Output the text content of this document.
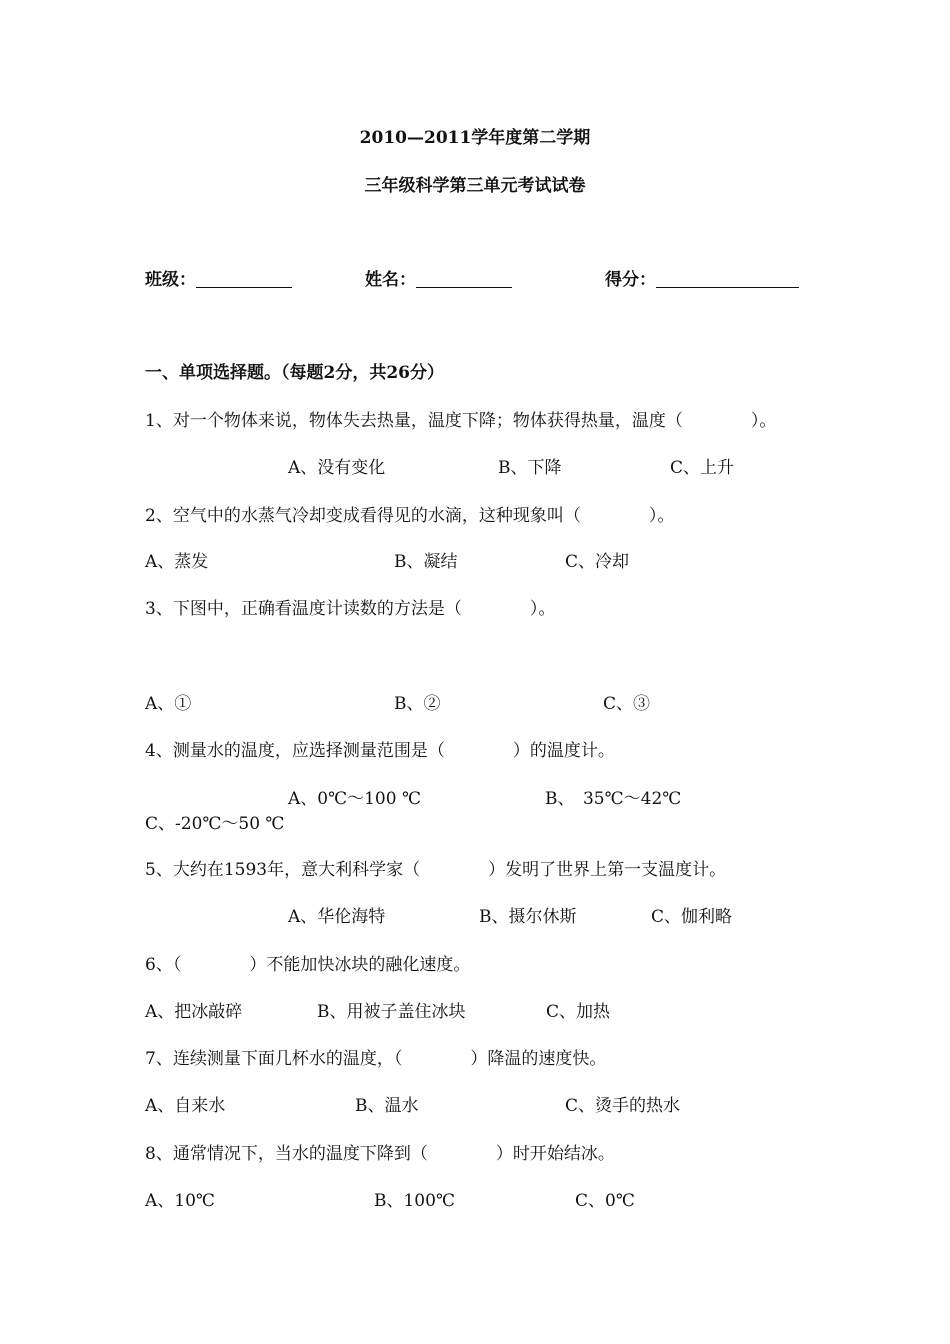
2010—2011学年度第二学期
三年级科学第三单元考试试卷
班级：	姓名：	得分：
一、单项选择题。（每题2分，共26分）
1、对一个物体来说，物体失去热量，温度下降；物体获得热量，温度（　　　　）。
A、没有变化	B、下降	C、上升
2、空气中的水蒸气冷却变成看得见的水滴，这种现象叫（　　　　）。
A、蒸发	B、凝结	C、冷却
3、下图中，正确看温度计读数的方法是（　　　　）。
A、①	B、②	C、③
4、测量水的温度，应选择测量范围是（　　　　）的温度计。
A、0℃～100 ℃	B、　35℃～42℃
C、-20℃～50 ℃
5、大约在1593年，意大利科学家（　　　　）发明了世界上第一支温度计。
A、华伦海特	B、摄尔休斯	C、伽利略
6、（　　　　）不能加快冰块的融化速度。
A、把冰敲碎	B、用被子盖住冰块	C、加热
7、连续测量下面几杯水的温度，（　　　　）降温的速度快。
A、自来水	B、温水	C、烫手的热水
8、通常情况下，当水的温度下降到（　　　　）时开始结冰。
A、10℃	B、100℃	C、0℃
